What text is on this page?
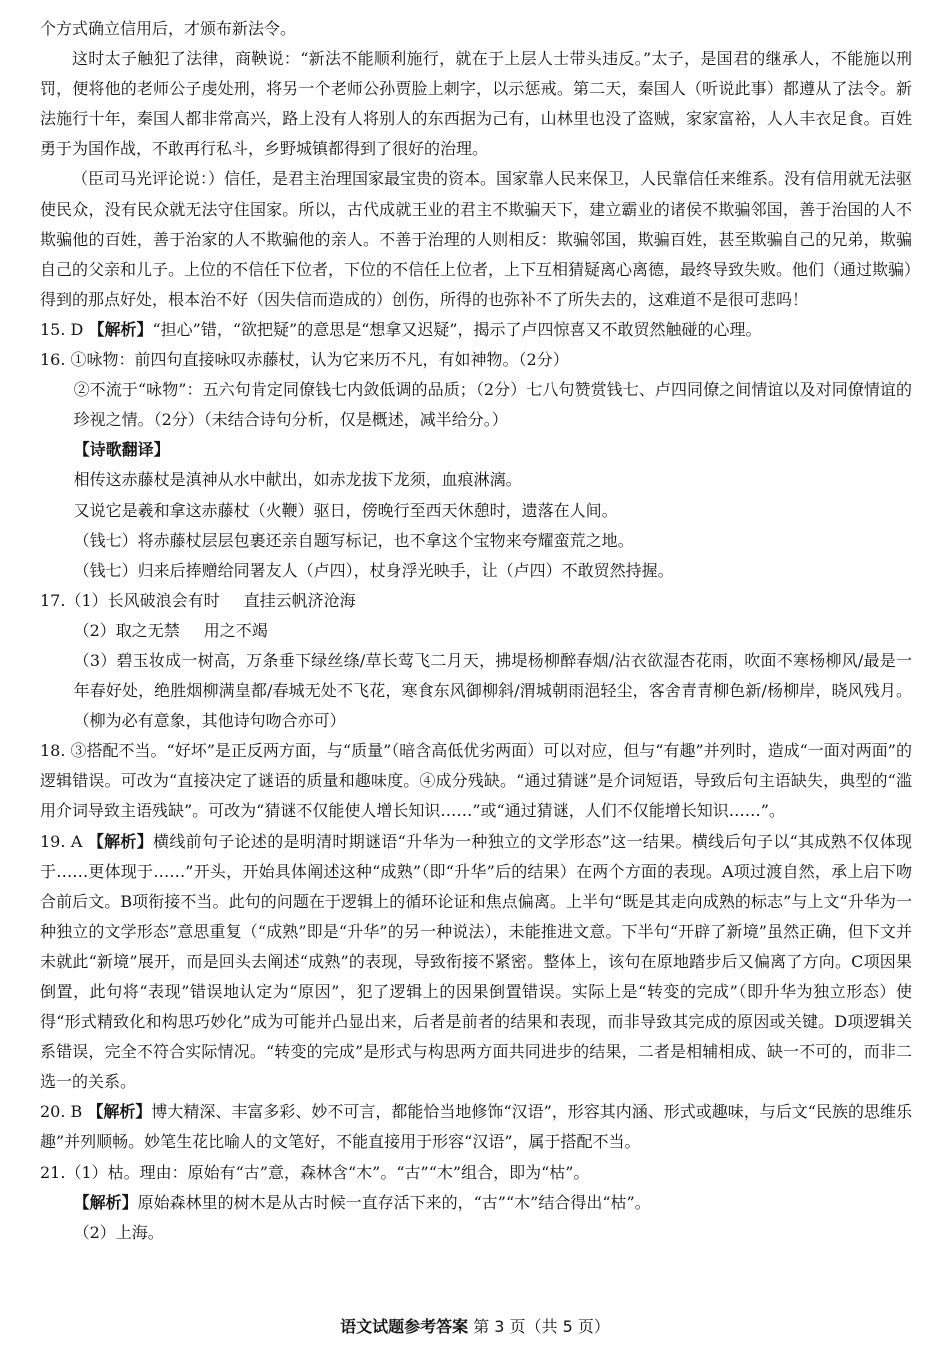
个方式确立信用后，才颁布新法令。

这时太子触犯了法律，商鞅说：“新法不能顺利施行，就在于上层人士带头违反。”太子，是国君的继承人，不能施以刑罚，便将他的老师公子虔处刑，将另一个老师公孙贾脸上刺字，以示惩戒。第二天，秦国人（听说此事）都遵从了法令。新法施行十年，秦国人都非常高兴，路上没有人将别人的东西据为己有，山林里也没了盗贼，家家富裕，人人丰衣足食。百姓勇于为国作战，不敢再行私斗，乡野城镇都得到了很好的治理。

（臣司马光评论说：）信任，是君主治理国家最宝贵的资本。国家靠人民来保卫，人民靠信任来维系。没有信用就无法驱使民众，没有民众就无法守住国家。所以，古代成就王业的君主不欺骗天下，建立霸业的诸侯不欺骗邻国，善于治国的人不欺骗他的百姓，善于治家的人不欺骗他的亲人。不善于治理的人则相反：欺骗邻国，欺骗百姓，甚至欺骗自己的兄弟，欺骗自己的父亲和儿子。上位的不信任下位者，下位的不信任上位者，上下互相猜疑离心离德，最终导致失败。他们（通过欺骗）得到的那点好处，根本治不好（因失信而造成的）创伤，所得的也弥补不了所失去的，这难道不是很可悲吗！

15. D 【解析】“担心”错，“欲把疑”的意思是“想拿又迟疑”，揭示了卢四惊喜又不敢贸然触碰的心理。

16. ①咏物：前四句直接咏叹赤藤杖，认为它来历不凡，有如神物。（2分）

②不流于“咏物”：五六句肯定同僚钱七内敛低调的品质；（2分）七八句赞赏钱七、卢四同僚之间情谊以及对同僚情谊的珍视之情。（2分）（未结合诗句分析，仅是概述，减半给分。）

【诗歌翻译】

相传这赤藤杖是滇神从水中献出，如赤龙拔下龙须，血痕淋漓。

又说它是羲和拿这赤藤杖（火鞭）驱日，傍晚行至西天休憩时，遗落在人间。

（钱七）将赤藤杖层层包裹还亲自题写标记，也不拿这个宝物来夸耀蛮荒之地。

（钱七）归来后捧赠给同署友人（卢四），杖身浮光映手，让（卢四）不敢贸然持握。

17.（1）长风破浪会有时 直挂云帆济沧海

（2）取之无禁 用之不竭

（3）碧玉妆成一树高，万条垂下绿丝绦/草长莺飞二月天，拂堤杨柳醉春烟/沾衣欲湿杏花雨，吹面不寒杨柳风/最是一年春好处，绝胜烟柳满皇都/春城无处不飞花，寒食东风御柳斜/渭城朝雨浥轻尘，客舍青青柳色新/杨柳岸，晓风残月。（柳为必有意象，其他诗句吻合亦可）

18. ③搭配不当。“好坏”是正反两方面，与“质量”（暗含高低优劣两面）可以对应，但与“有趣”并列时，造成“一面对两面”的逻辑错误。可改为“直接决定了谜语的质量和趣味度。④成分残缺。“通过猜谜”是介词短语，导致后句主语缺失，典型的“滥用介词导致主语残缺”。可改为“猜谜不仅能使人增长知识……”或“通过猜谜，人们不仅能增长知识……”。

19. A 【解析】横线前句子论述的是明清时期谜语“升华为一种独立的文学形态”这一结果。横线后句子以“其成熟不仅体现于……更体现于……”开头，开始具体阐述这种“成熟”（即“升华”后的结果）在两个方面的表现。A项过渡自然，承上启下吻合前后文。B项衔接不当。此句的问题在于逻辑上的循环论证和焦点偏离。上半句“既是其走向成熟的标志”与上文“升华为一种独立的文学形态”意思重复（“成熟”即是“升华”的另一种说法），未能推进文意。下半句“开辟了新境”虽然正确，但下文并未就此“新境”展开，而是回头去阐述“成熟”的表现，导致衔接不紧密。整体上，该句在原地踏步后又偏离了方向。C项因果倒置，此句将“表现”错误地认定为“原因”，犯了逻辑上的因果倒置错误。实际上是“转变的完成”（即升华为独立形态）使得“形式精致化和构思巧妙化”成为可能并凸显出来，后者是前者的结果和表现，而非导致其完成的原因或关键。D项逻辑关系错误，完全不符合实际情况。“转变的完成”是形式与构思两方面共同进步的结果，二者是相辅相成、缺一不可的，而非二选一的关系。

20. B 【解析】博大精深、丰富多彩、妙不可言，都能恰当地修饰“汉语”，形容其内涵、形式或趣味，与后文“民族的思维乐趣”并列顺畅。妙笔生花比喻人的文笔好，不能直接用于形容“汉语”，属于搭配不当。

21.（1）枯。理由：原始有“古”意，森林含“木”。“古”“木”组合，即为“枯”。

【解析】原始森林里的树木是从古时候一直存活下来的，“古”“木”结合得出“枯”。

（2）上海。

语文试题参考答案 第 3 页（共 5 页）
